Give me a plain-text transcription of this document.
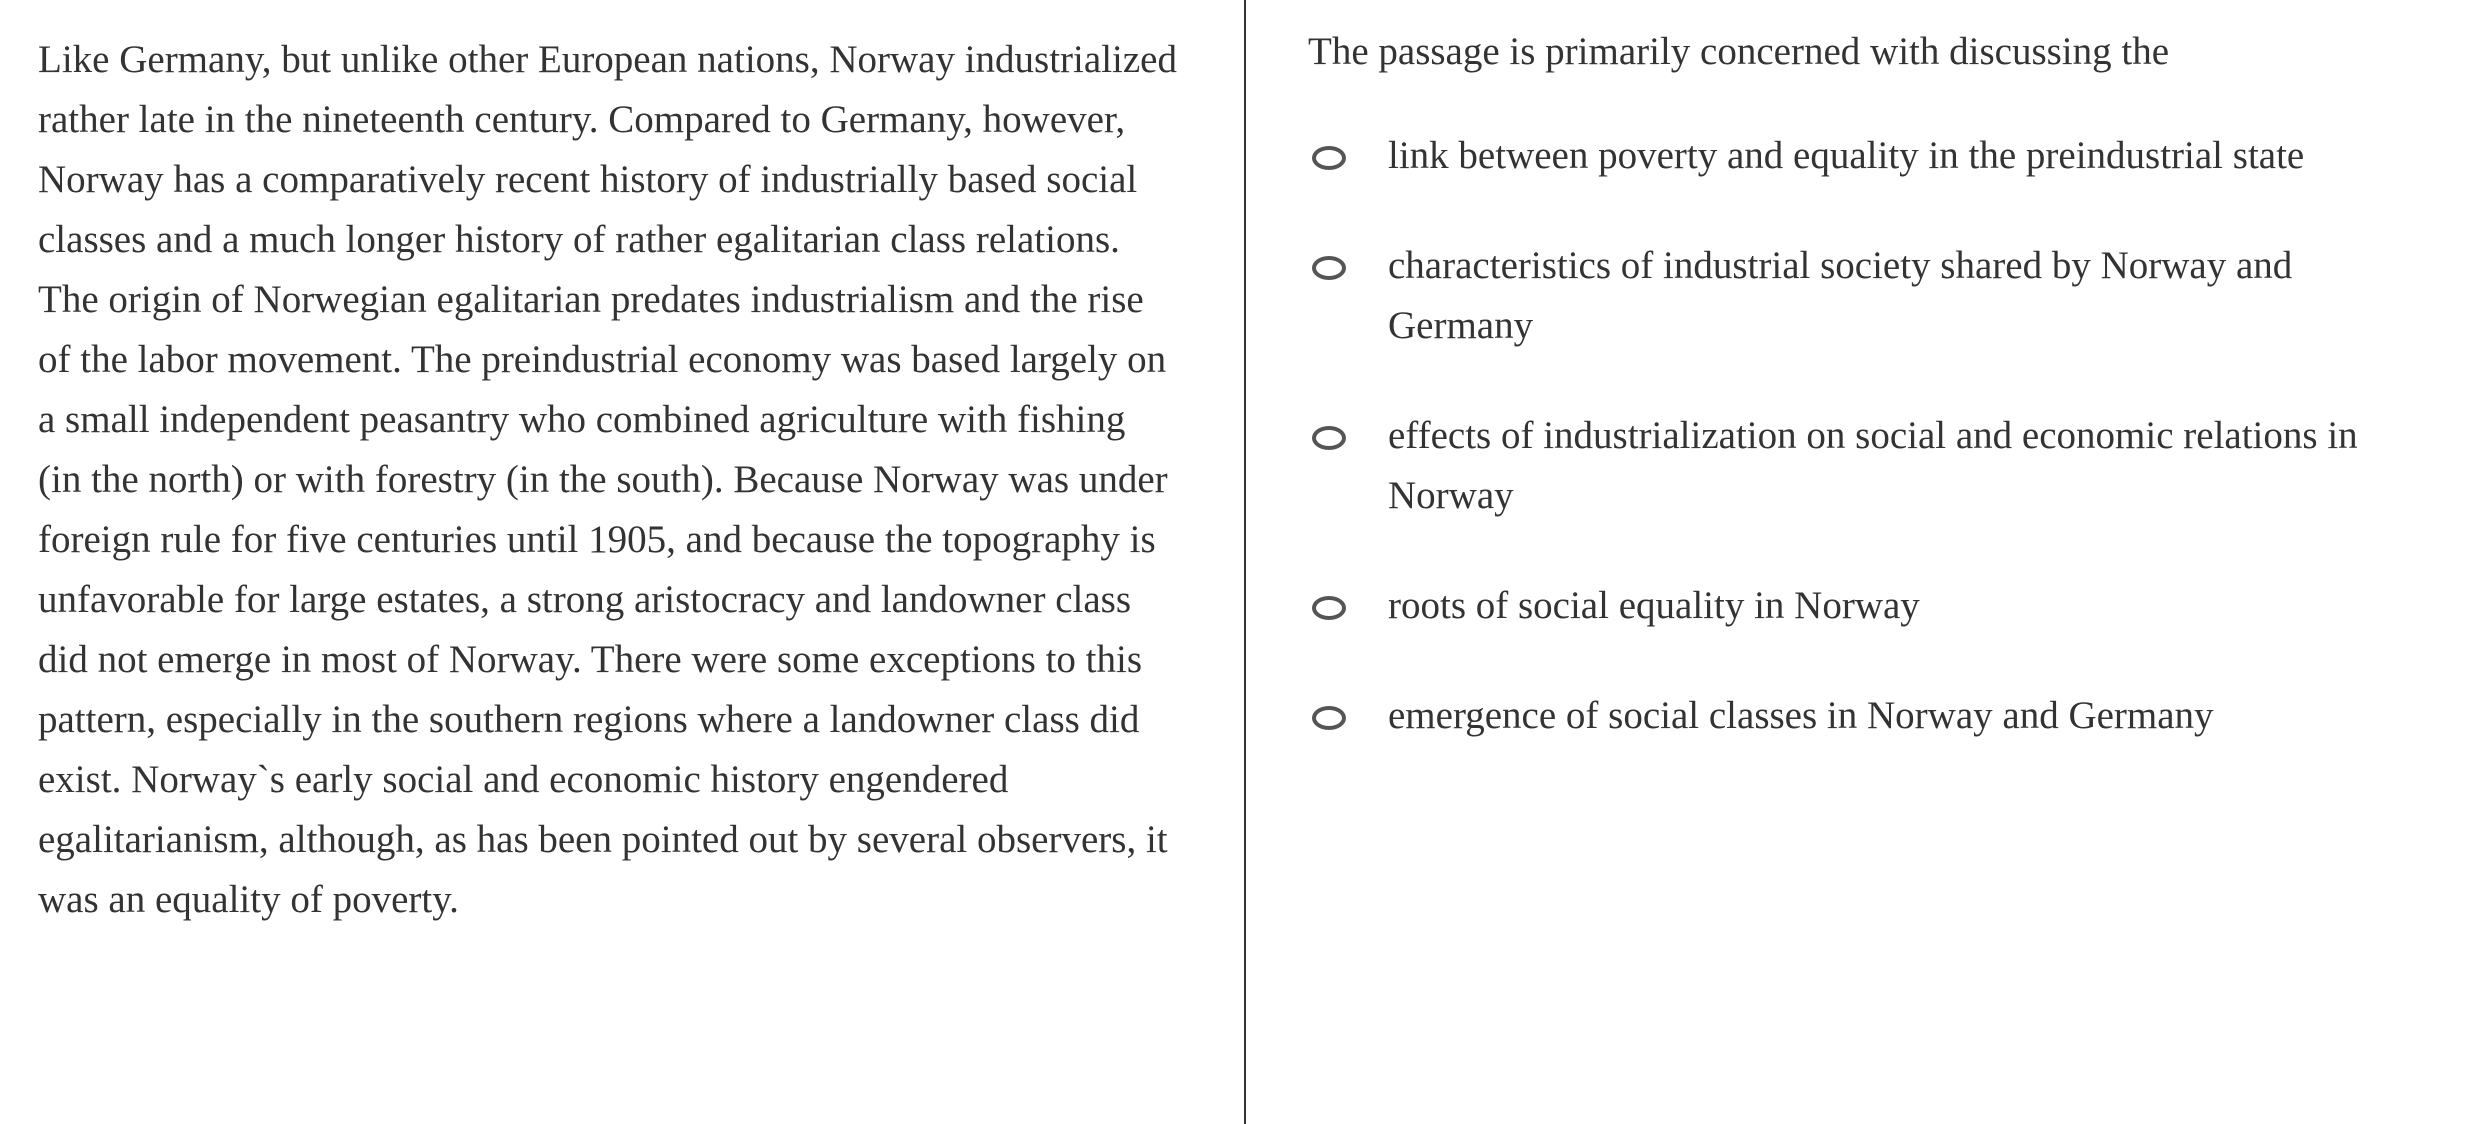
Like Germany, but unlike other European nations, Norway industrialized rather late in the nineteenth century. Compared to Germany, however, Norway has a comparatively recent history of industrially based social classes and a much longer history of rather egalitarian class relations. The origin of Norwegian egalitarian predates industrialism and the rise of the labor movement. The preindustrial economy was based largely on a small independent peasantry who combined agriculture with fishing (in the north) or with forestry (in the south). Because Norway was under foreign rule for five centuries until 1905, and because the topography is unfavorable for large estates, a strong aristocracy and landowner class did not emerge in most of Norway. There were some exceptions to this pattern, especially in the southern regions where a landowner class did exist. Norway`s early social and economic history engendered egalitarianism, although, as has been pointed out by several observers, it was an equality of poverty.

The passage is primarily concerned with discussing the

link between poverty and equality in the preindustrial state
characteristics of industrial society shared by Norway and Germany
effects of industrialization on social and economic relations in Norway
roots of social equality in Norway
emergence of social classes in Norway and Germany
